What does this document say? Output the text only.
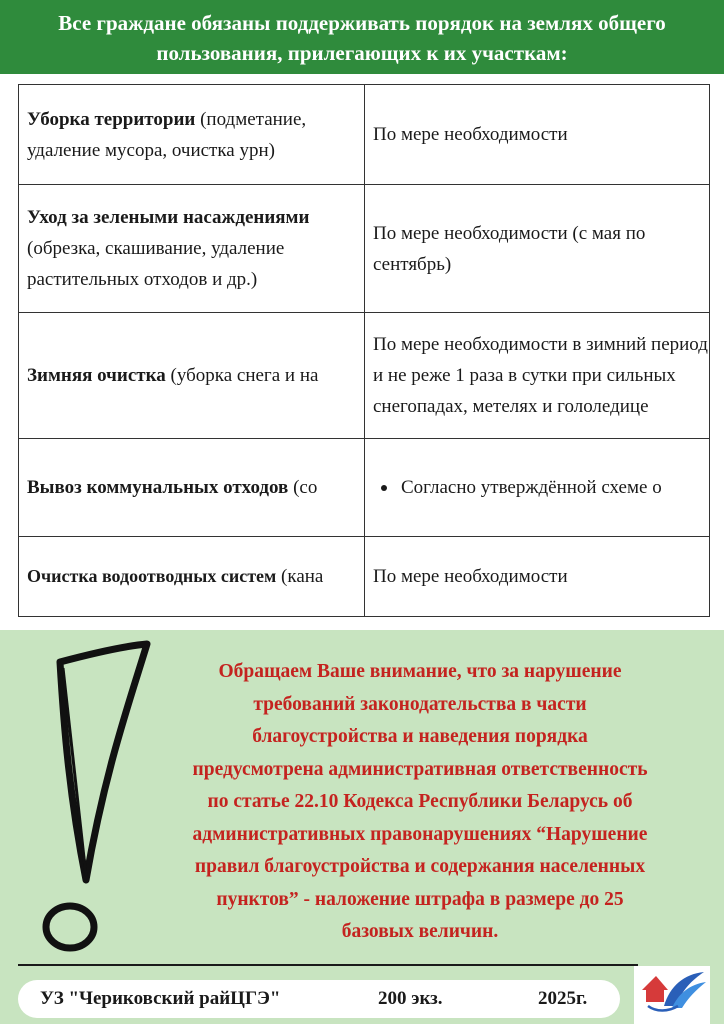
Все граждане обязаны поддерживать порядок на землях общего
пользования, прилегающих к их участкам:
Уборка территории (подметание, удаление мусора, очистка урн)	По мере необходимости
Уход за зелеными насаждениями (обрезка, скашивание, удаление растительных отходов и др.)	По мере необходимости (с мая по сентябрь)
Зимняя очистка (уборка снега и на	По мере необходимости в зимний период и не реже 1 раза в сутки при сильных снегопадах, метелях и гололедице
Вывоз коммунальных отходов (со	Согласно утверждённой схеме о

Очистка водоотводных систем (кана	По мере необходимости
Обращаем Ваше внимание, что за нарушение
требований законодательства в части
благоустройства и наведения порядка
предусмотрена административная ответственность
по статье 22.10 Кодекса Республики Беларусь об
административных правонарушениях “Нарушение
правил благоустройства и содержания населенных
пунктов” - наложение штрафа в размере до 25
базовых величин.
УЗ "Чериковский райЦГЭ"	200 экз.	2025г.
